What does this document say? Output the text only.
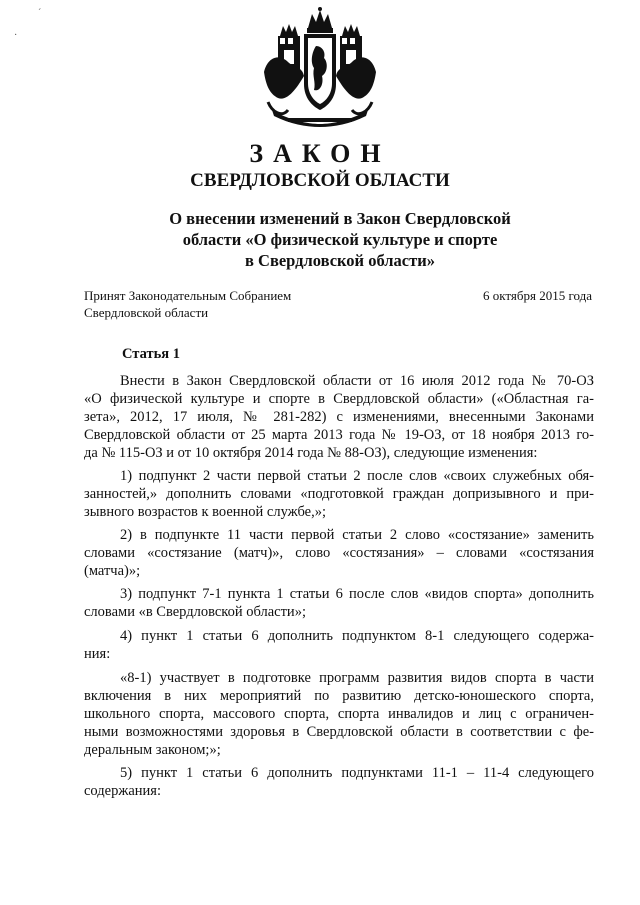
ˊ
·
ЗАКОН
СВЕРДЛОВСКОЙ ОБЛАСТИ
О внесении изменений в Закон Свердловской
области «О физической культуре и спорте
в Свердловской области»
Принят Законодательным Собранием
Свердловской области
6 октября 2015 года
Статья 1
Внести в Закон Свердловской области от 16 июля 2012 года № 70-ОЗ
«О физической культуре и спорте в Свердловской области» («Областная га-
зета», 2012, 17 июля, № 281-282) с изменениями, внесенными Законами
Свердловской области от 25 марта 2013 года № 19-ОЗ, от 18 ноября 2013 го-
да № 115-ОЗ и от 10 октября 2014 года № 88-ОЗ), следующие изменения:
1) подпункт 2 части первой статьи 2 после слов «своих служебных обя-
занностей,» дополнить словами «подготовкой граждан допризывного и при-
зывного возрастов к военной службе,»;
2) в подпункте 11 части первой статьи 2 слово «состязание» заменить
словами «состязание (матч)», слово «состязания» – словами «состязания
(матча)»;
3) подпункт 7-1 пункта 1 статьи 6 после слов «видов спорта» дополнить
словами «в Свердловской области»;
4) пункт 1 статьи 6 дополнить подпунктом 8-1 следующего содержа-
ния:
«8-1) участвует в подготовке программ развития видов спорта в части
включения в них мероприятий по развитию детско-юношеского спорта,
школьного спорта, массового спорта, спорта инвалидов и лиц с ограничен-
ными возможностями здоровья в Свердловской области в соответствии с фе-
деральным законом;»;
5) пункт 1 статьи 6 дополнить подпунктами 11-1 – 11-4 следующего
содержания:
